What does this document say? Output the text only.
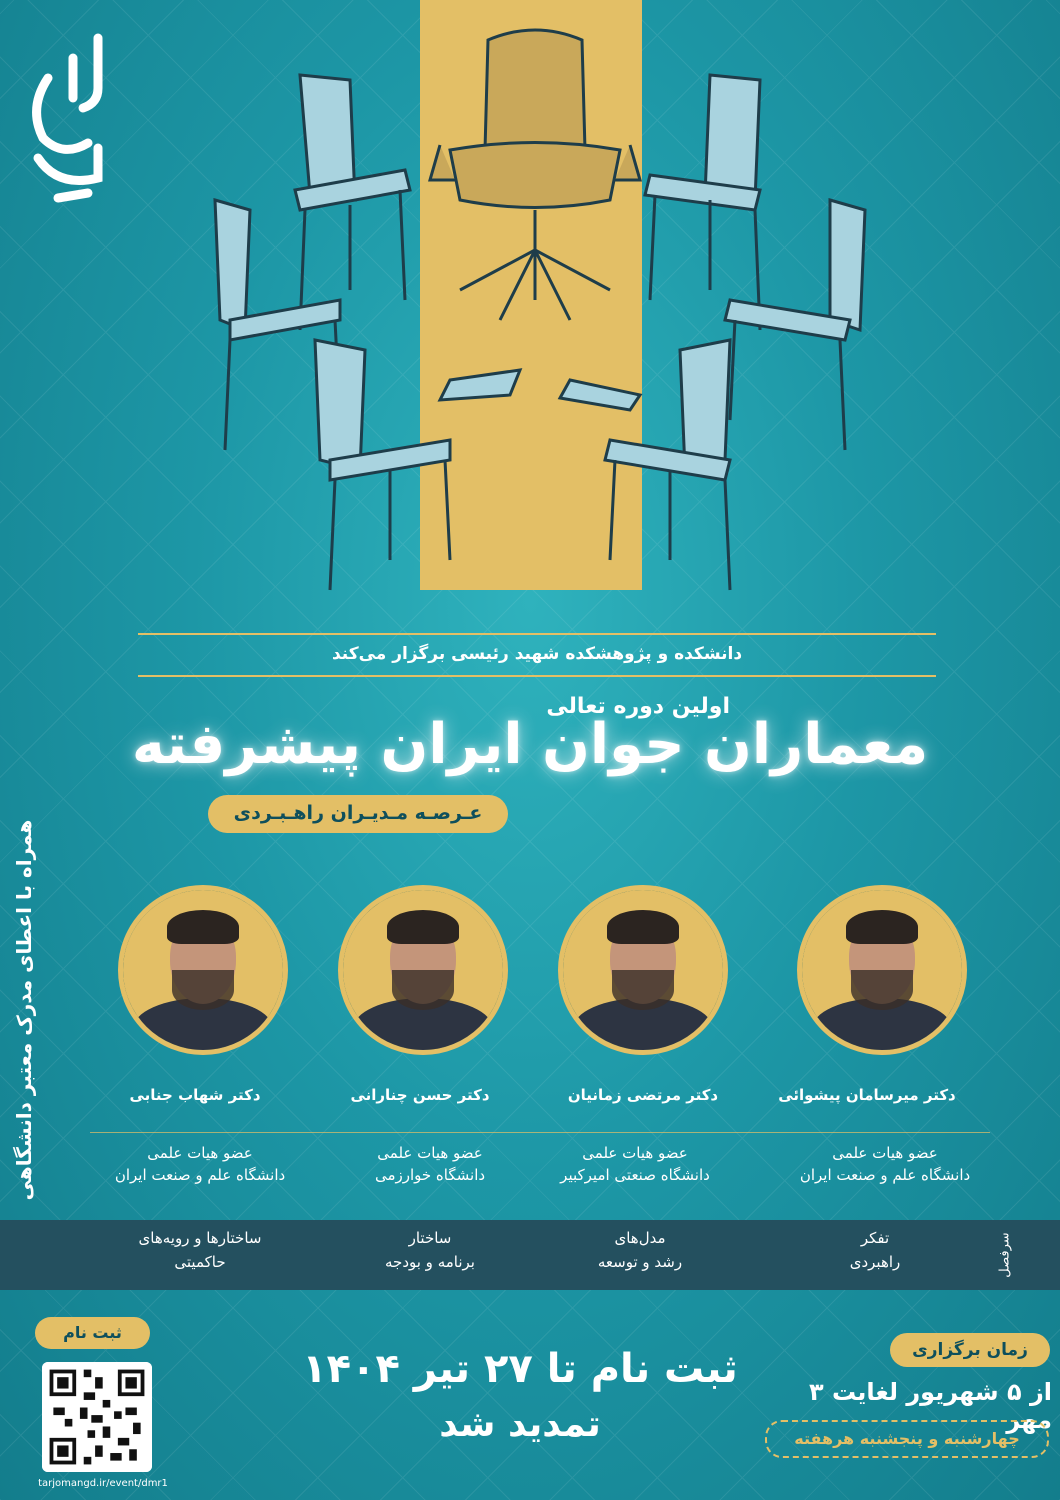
دانشکده و پژوهشکده شهید رئیسی برگزار می‌کند
اولین دوره تعالی
معماران جوان ایران پیشرفته
عـرصـه مـدیـران راهـبـردی
همراه با اعطای مدرک معتبر دانشگاهی	دکتر میرسامان پیشوائی
دکتر مرتضی زمانیان
دکتر حسن چنارانی
دکتر شهاب جنابی
عضو هیات علمی
دانشگاه علم و صنعت ایران
عضو هیات علمی
دانشگاه صنعتی امیرکبیر
عضو هیات علمی
دانشگاه خوارزمی
عضو هیات علمی
دانشگاه علم و صنعت ایران
سرفصل
تفکر
راهبردی
مدل‌های
رشد و توسعه
ساختار
برنامه و بودجه
ساختارها و رویه‌های
حاکمیتی
ثبت نام
tarjomangd.ir/event/dmr1
ثبت نام تا ۲۷ تیر ۱۴۰۴
تمدید شد
زمان برگزاری
از ۵ شهریور لغایت ۳ مهر
چهارشنبه و پنجشنبه هرهفته
